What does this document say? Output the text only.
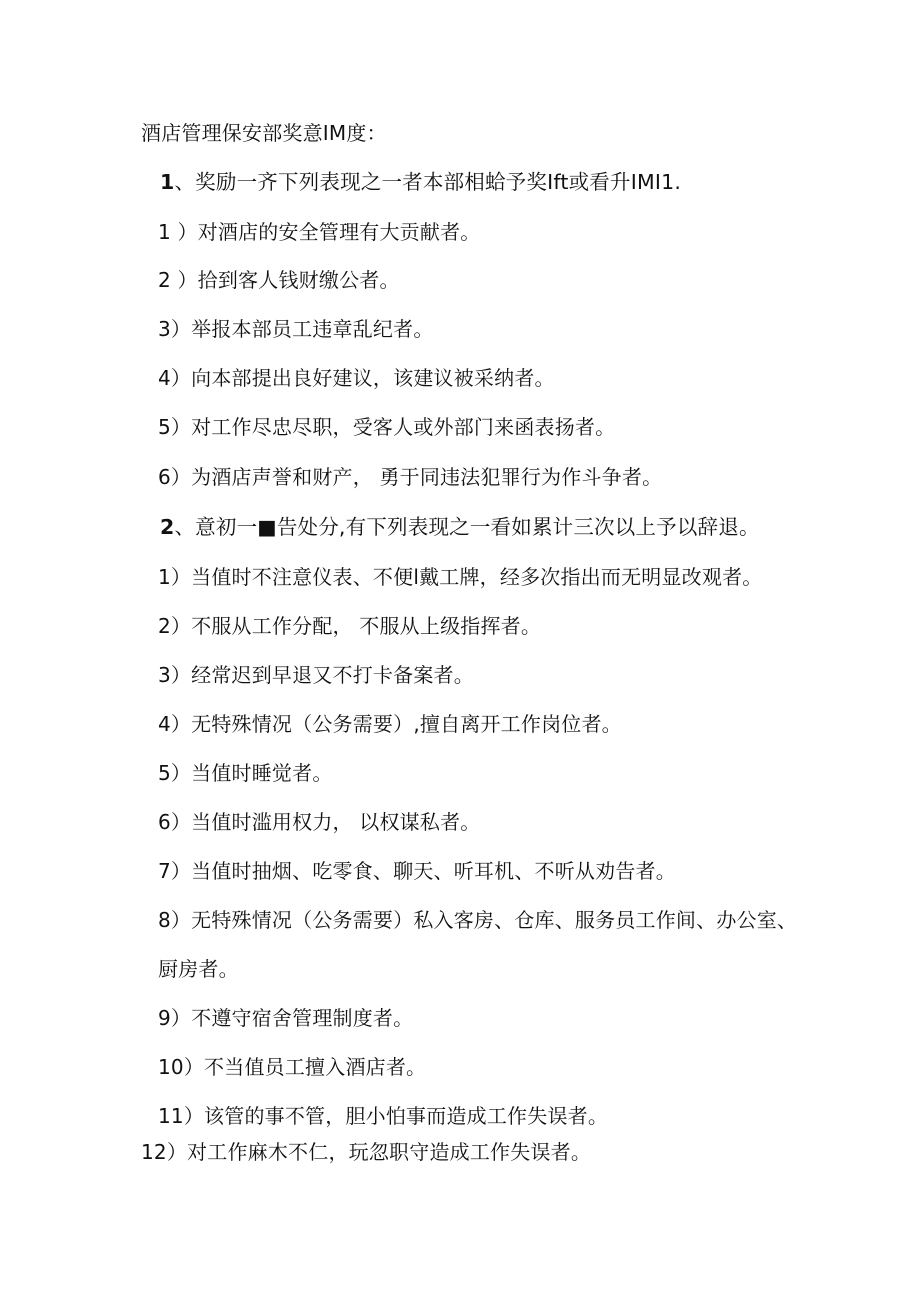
酒店管理保安部奖意IM度：
1、奖励一齐下列表现之一者本部相蛤予奖Ift或看升IMI1.
1 ）对酒店的安全管理有大贡献者。
2 ）拾到客人钱财缴公者。
3）举报本部员工违章乱纪者。
4）向本部提出良好建议，该建议被采纳者。
5）对工作尽忠尽职，受客人或外部门来函表扬者。
6）为酒店声誉和财产， 勇于同违法犯罪行为作斗争者。
2、意初一■告处分,有下列表现之一看如累计三次以上予以辞退。
1）当值时不注意仪表、不便l戴工牌，经多次指出而无明显改观者。
2）不服从工作分配， 不服从上级指挥者。
3）经常迟到早退又不打卡备案者。
4）无特殊情况（公务需要）,擅自离开工作岗位者。
5）当值时睡觉者。
6）当值时滥用权力， 以权谋私者。
7）当值时抽烟、吃零食、聊天、听耳机、不听从劝告者。
8）无特殊情况（公务需要）私入客房、仓库、服务员工作间、办公室、
厨房者。
9）不遵守宿舍管理制度者。
10）不当值员工擅入酒店者。
11）该管的事不管，胆小怕事而造成工作失误者。
12）对工作麻木不仁，玩忽职守造成工作失误者。
